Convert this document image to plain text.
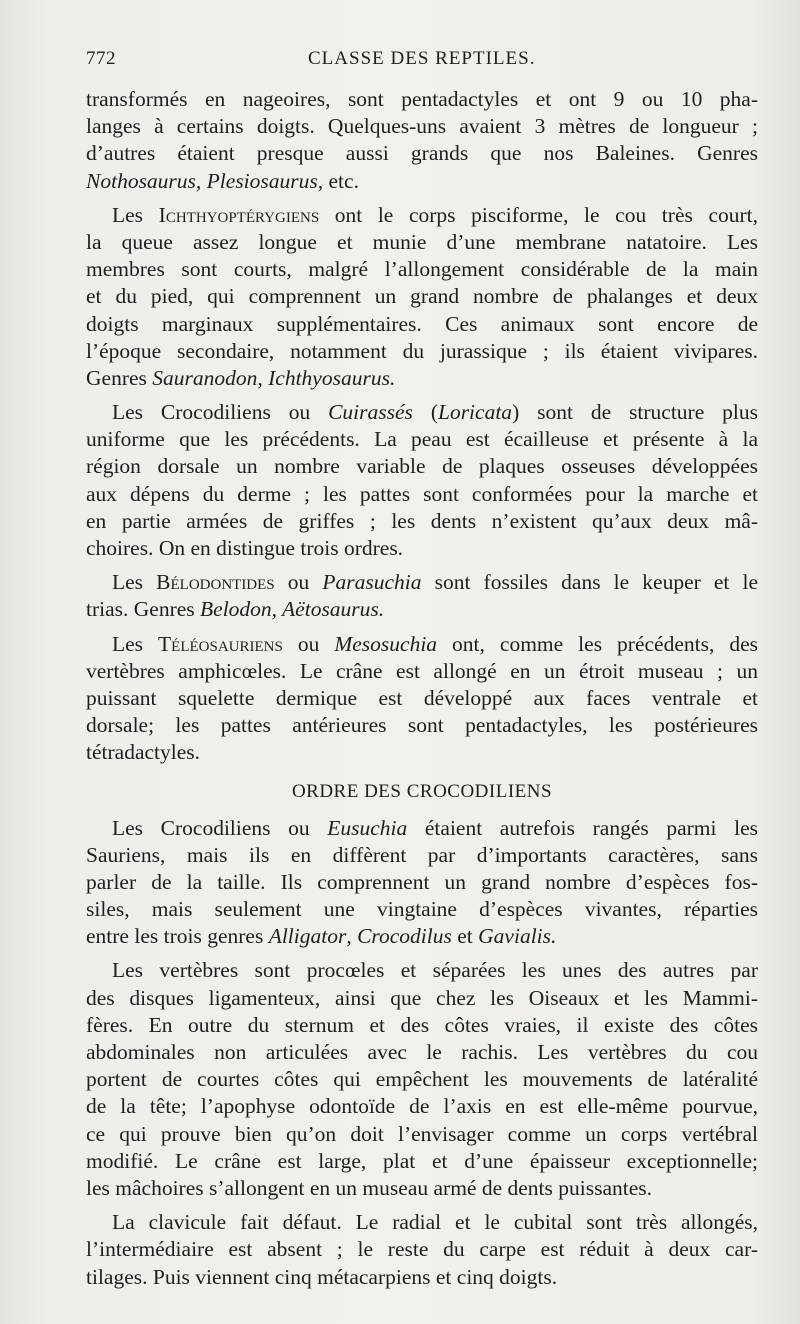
772	CLASSE DES REPTILES.
transformés en nageoires, sont pentadactyles et ont 9 ou 10 pha-
langes à certains doigts. Quelques-uns avaient 3 mètres de longueur ;
d’autres étaient presque aussi grands que nos Baleines. Genres
Nothosaurus, Plesiosaurus, etc.
Les Ichthyoptérygiens ont le corps pisciforme, le cou très court,
la queue assez longue et munie d’une membrane natatoire. Les
membres sont courts, malgré l’allongement considérable de la main
et du pied, qui comprennent un grand nombre de phalanges et deux
doigts marginaux supplémentaires. Ces animaux sont encore de
l’époque secondaire, notamment du jurassique ; ils étaient vivipares.
Genres Sauranodon, Ichthyosaurus.
Les Crocodiliens ou Cuirassés (Loricata) sont de structure plus
uniforme que les précédents. La peau est écailleuse et présente à la
région dorsale un nombre variable de plaques osseuses développées
aux dépens du derme ; les pattes sont conformées pour la marche et
en partie armées de griffes ; les dents n’existent qu’aux deux mâ-
choires. On en distingue trois ordres.
Les Bélodontides ou Parasuchia sont fossiles dans le keuper et le
trias. Genres Belodon, Aëtosaurus.
Les Téléosauriens ou Mesosuchia ont, comme les précédents, des
vertèbres amphicœles. Le crâne est allongé en un étroit museau ; un
puissant squelette dermique est développé aux faces ventrale et
dorsale; les pattes antérieures sont pentadactyles, les postérieures
tétradactyles.
ORDRE DES CROCODILIENS
Les Crocodiliens ou Eusuchia étaient autrefois rangés parmi les
Sauriens, mais ils en diffèrent par d’importants caractères, sans
parler de la taille. Ils comprennent un grand nombre d’espèces fos-
siles, mais seulement une vingtaine d’espèces vivantes, réparties
entre les trois genres Alligator, Crocodilus et Gavialis.
Les vertèbres sont procœles et séparées les unes des autres par
des disques ligamenteux, ainsi que chez les Oiseaux et les Mammi-
fères. En outre du sternum et des côtes vraies, il existe des côtes
abdominales non articulées avec le rachis. Les vertèbres du cou
portent de courtes côtes qui empêchent les mouvements de latéralité
de la tête; l’apophyse odontoïde de l’axis en est elle-même pourvue,
ce qui prouve bien qu’on doit l’envisager comme un corps vertébral
modifié. Le crâne est large, plat et d’une épaisseur exceptionnelle;
les mâchoires s’allongent en un museau armé de dents puissantes.
La clavicule fait défaut. Le radial et le cubital sont très allongés,
l’intermédiaire est absent ; le reste du carpe est réduit à deux car-
tilages. Puis viennent cinq métacarpiens et cinq doigts.
